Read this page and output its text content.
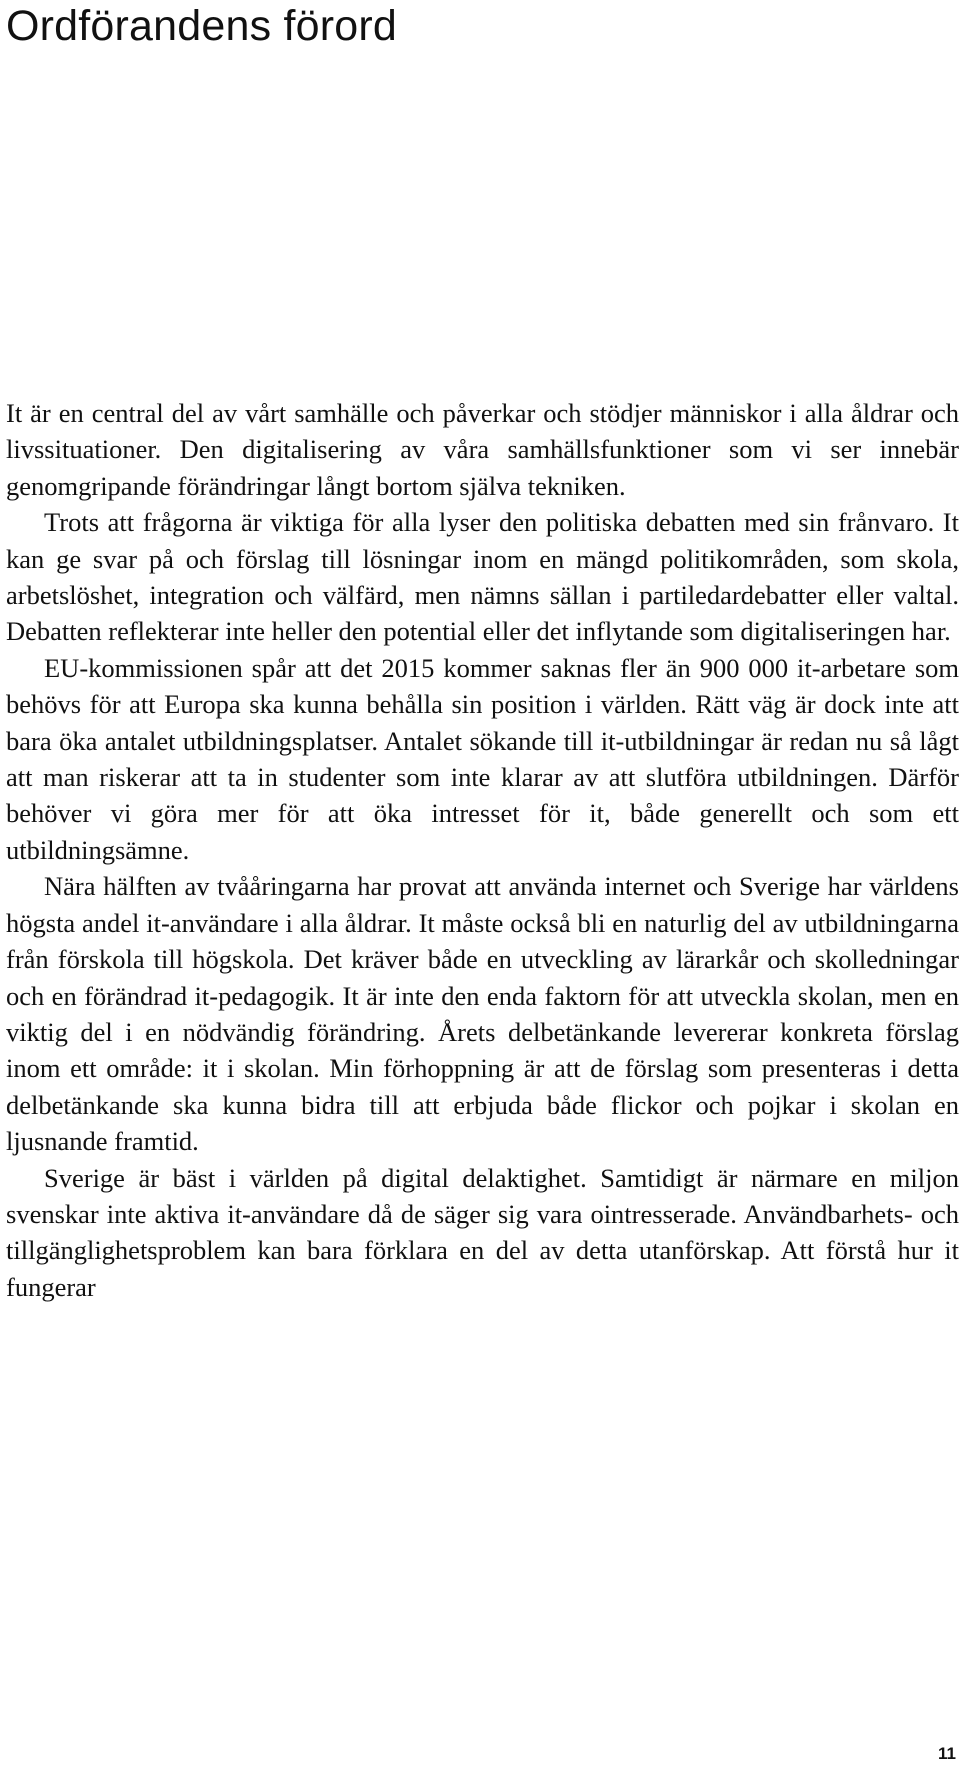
Ordförandens förord

It är en central del av vårt samhälle och påverkar och stödjer människor i alla åldrar och livssituationer. Den digitalisering av våra samhällsfunktioner som vi ser innebär genomgripande förändringar långt bortom själva tekniken.

Trots att frågorna är viktiga för alla lyser den politiska debatten med sin frånvaro. It kan ge svar på och förslag till lösningar inom en mängd politikområden, som skola, arbetslöshet, integration och välfärd, men nämns sällan i partiledardebatter eller valtal. Debatten reflekterar inte heller den potential eller det inflytande som digitaliseringen har.

EU-kommissionen spår att det 2015 kommer saknas fler än 900 000 it-arbetare som behövs för att Europa ska kunna behålla sin position i världen. Rätt väg är dock inte att bara öka antalet utbildningsplatser. Antalet sökande till it-utbildningar är redan nu så lågt att man riskerar att ta in studenter som inte klarar av att slutföra utbildningen. Därför behöver vi göra mer för att öka intresset för it, både generellt och som ett utbildningsämne.

Nära hälften av tvååringarna har provat att använda internet och Sverige har världens högsta andel it-användare i alla åldrar. It måste också bli en naturlig del av utbildningarna från förskola till högskola. Det kräver både en utveckling av lärarkår och skolledningar och en förändrad it-pedagogik. It är inte den enda faktorn för att utveckla skolan, men en viktig del i en nödvändig förändring. Årets delbetänkande levererar konkreta förslag inom ett område: it i skolan. Min förhoppning är att de förslag som presenteras i detta delbetänkande ska kunna bidra till att erbjuda både flickor och pojkar i skolan en ljusnande framtid.

Sverige är bäst i världen på digital delaktighet. Samtidigt är närmare en miljon svenskar inte aktiva it-användare då de säger sig vara ointresserade. Användbarhets- och tillgänglighetsproblem kan bara förklara en del av detta utanförskap. Att förstå hur it fungerar

11
